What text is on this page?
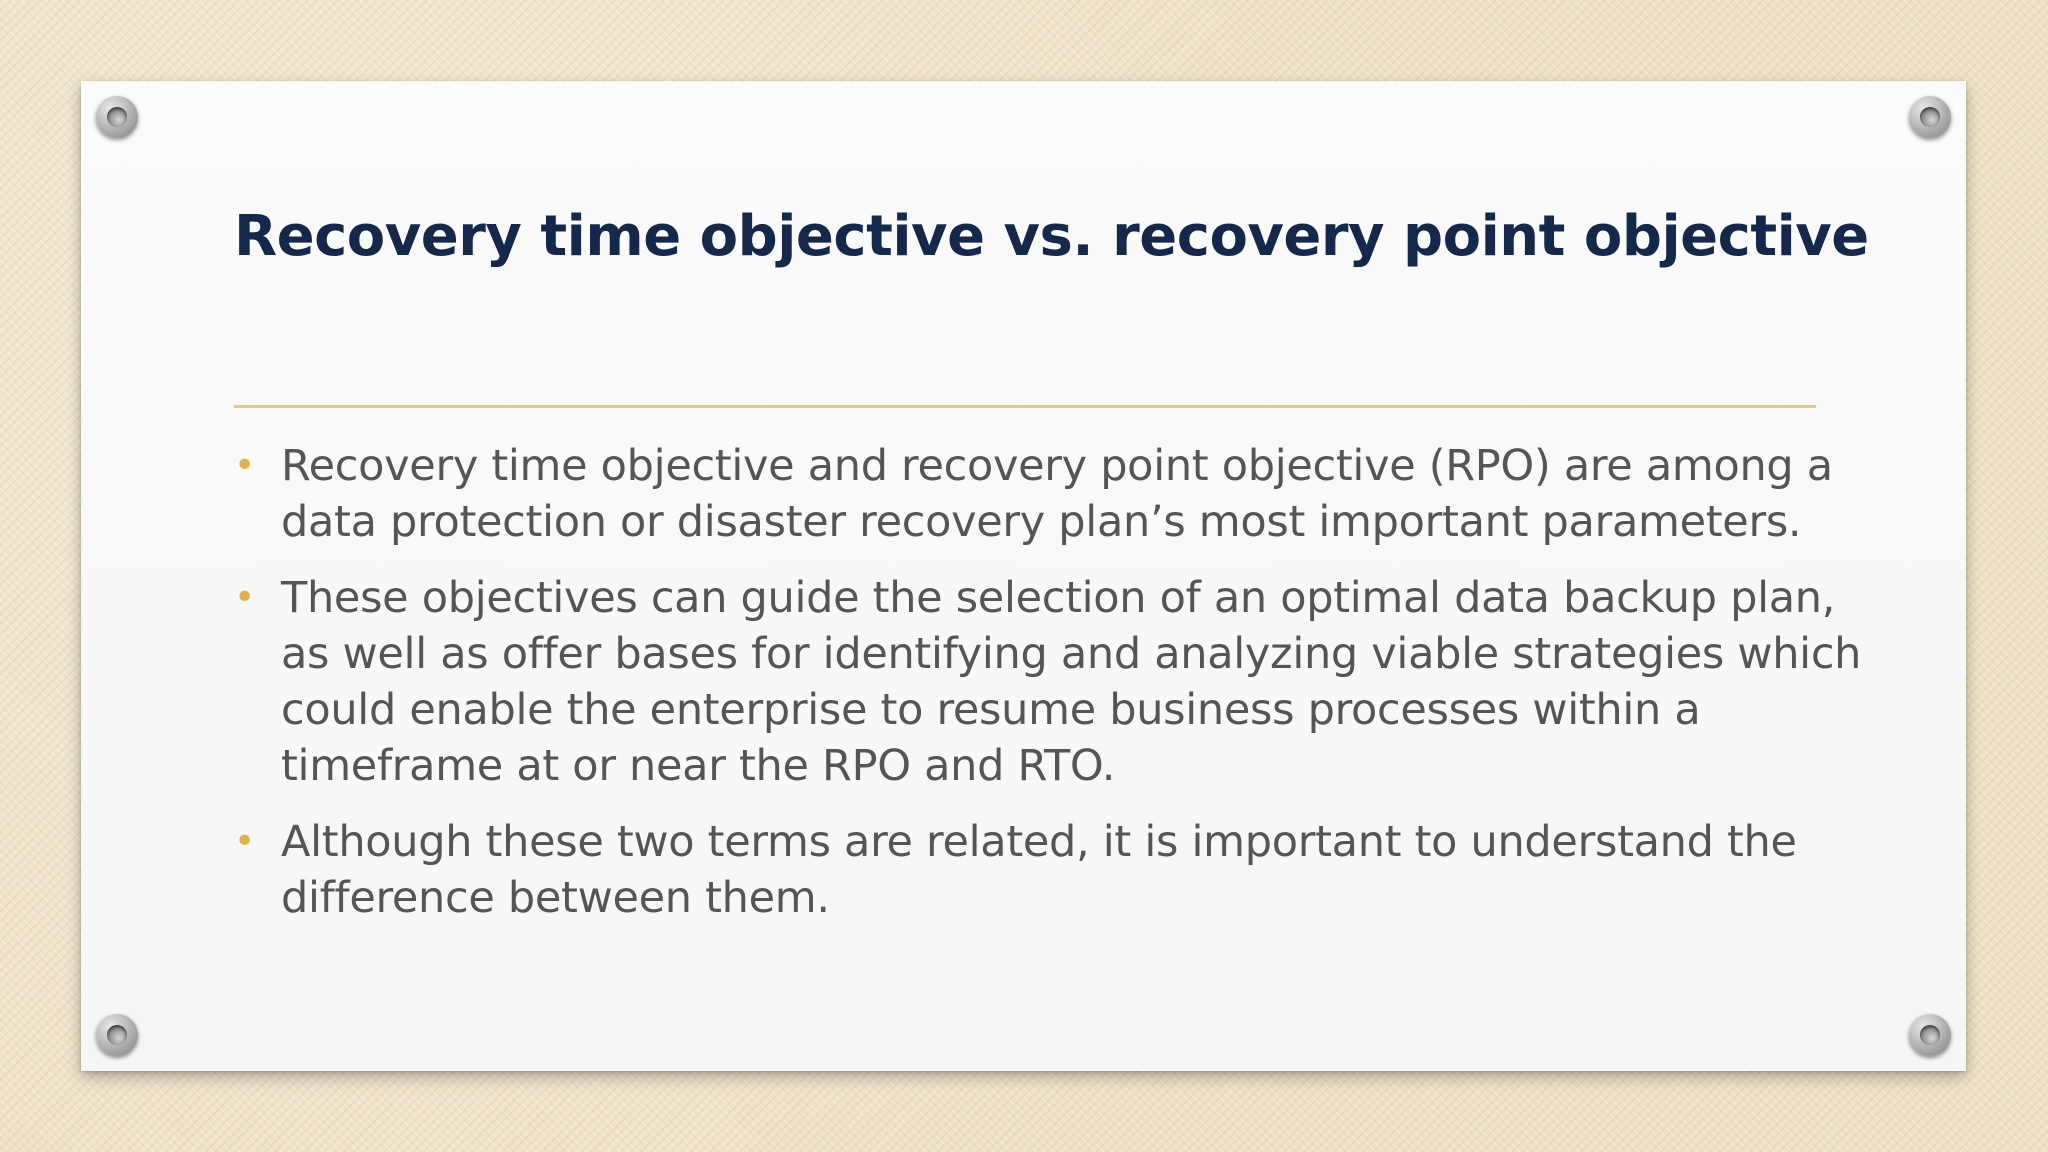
Recovery time objective vs. recovery point objective
• Recovery time objective and recovery point objective (RPO) are among a data protection or disaster recovery plan’s most important parameters.
• These objectives can guide the selection of an optimal data backup plan, as well as offer bases for identifying and analyzing viable strategies which could enable the enterprise to resume business processes within a timeframe at or near the RPO and RTO.
• Although these two terms are related, it is important to understand the difference between them.
